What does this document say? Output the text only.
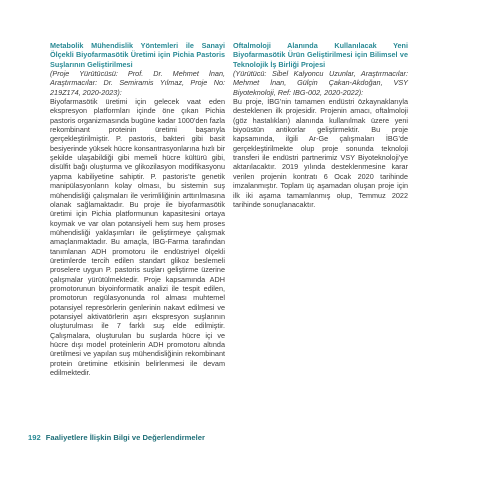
Metabolik Mühendislik Yöntemleri ile Sanayi Ölçekli Biyofarmasötik Üretimi için Pichia Pastoris Suşlarının Geliştirilmesi
(Proje Yürütücüsü: Prof. Dr. Mehmet İnan, Araştırmacılar: Dr. Semiramis Yılmaz, Proje No: 219Z174, 2020-2023):
Biyofarmasötik üretimi için gelecek vaat eden ekspresyon platformları içinde öne çıkan Pichia pastoris organizmasında bugüne kadar 1000’den fazla rekombinant proteinin üretimi başarıyla gerçekleştirilmiştir. P. pastoris, bakteri gibi basit besiyerinde yüksek hücre konsantrasyonlarına hızlı bir şekilde ulaşabildiği gibi memeli hücre kültürü gibi, disülfit bağı oluşturma ve glikozilasyon modifikasyonu yapma kabiliyetine sahiptir. P. pastoris’te genetik manipülasyonların kolay olması, bu sistemin suş mühendisliği çalışmaları ile verimliliğinin arttırılmasına olanak sağlamaktadır. Bu proje ile biyofarmasötik üretimi için Pichia platformunun kapasitesini ortaya koymak ve var olan potansiyeli hem suş hem proses mühendisliği yaklaşımları ile geliştirmeye çalışmak amaçlanmaktadır. Bu amaçla, İBG-Farma tarafından tanımlanan ADH promotoru ile endüstriyel ölçekli üretimlerde tercih edilen standart glikoz beslemeli proselere uygun P. pastoris suşları geliştirme üzerine çalışmalar yürütülmektedir. Proje kapsamında ADH promotorunun biyoinformatik analizi ile tespit edilen, promotorun regülasyonunda rol alması muhtemel potansiyel represörlerin genlerinin nakavt edilmesi ve potansiyel aktivatörlerin aşırı ekspresyon suşlarının oluşturulması ile 7 farklı suş elde edilmiştir. Çalışmalara, oluşturulan bu suşlarda hücre içi ve hücre dışı model proteinlerin ADH promotoru altında üretilmesi ve yapılan suş mühendisliğinin rekombinant protein üretimine etkisinin belirlenmesi ile devam edilmektedir.
Oftalmoloji Alanında Kullanılacak Yeni Biyofarmasötik Ürün Geliştirilmesi için Bilimsel ve Teknolojik İş Birliği Projesi
(Yürütücü: Sibel Kalyoncu Uzunlar, Araştırmacılar: Mehmet İnan, Gülçin Çakan-Akdoğan, VSY Biyoteknoloji, Ref: IBG-002, 2020-2022):
Bu proje, İBG’nin tamamen endüstri özkaynaklarıyla desteklenen ilk projesidir. Projenin amacı, oftalmoloji (göz hastalıkları) alanında kullanılmak üzere yeni biyoüstün antikorlar geliştirmektir. Bu proje kapsamında, ilgili Ar-Ge çalışmaları İBG’de gerçekleştirilmekte olup proje sonunda teknoloji transferi ile endüstri partnerimiz VSY Biyoteknoloji’ye aktarılacaktır. 2019 yılında desteklenmesine karar verilen projenin kontratı 6 Ocak 2020 tarihinde imzalanmıştır. Toplam üç aşamadan oluşan proje için ilk iki aşama tamamlanmış olup, Temmuz 2022 tarihinde sonuçlanacaktır.
192 Faaliyetlere İlişkin Bilgi ve Değerlendirmeler
